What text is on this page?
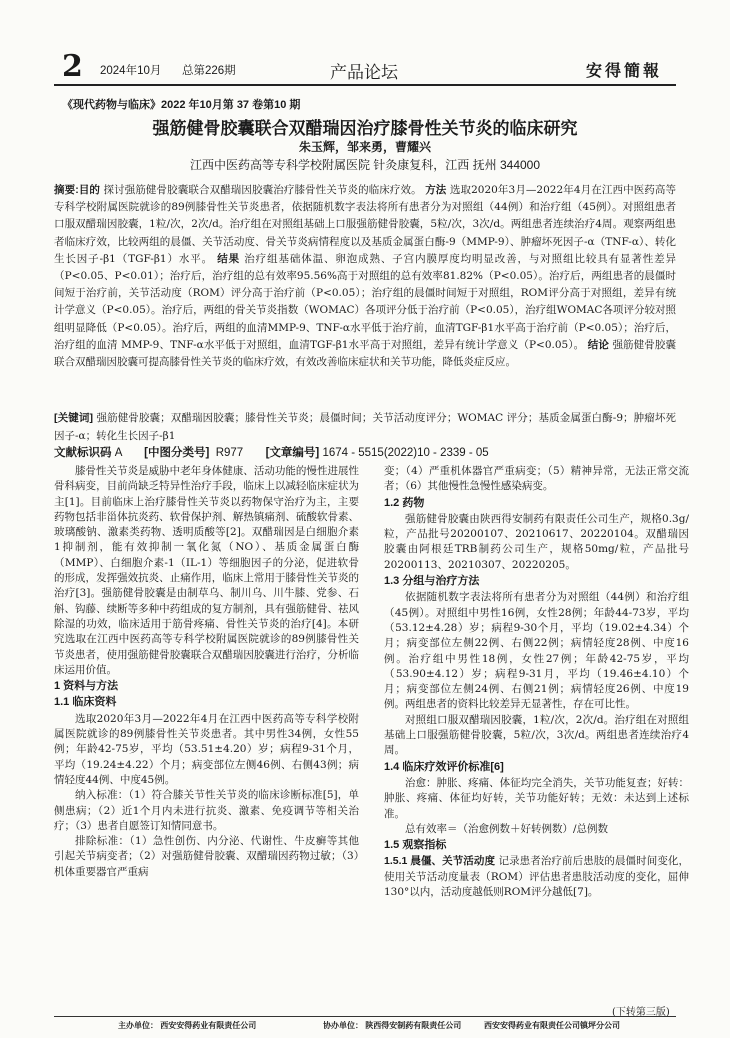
2 2024年10月 总第226期	产品论坛	安得簡報
《现代药物与临床》2022 年10月第 37 卷第10 期
强筋健骨胶囊联合双醋瑞因治疗膝骨性关节炎的临床研究
朱玉辉，邹来勇，曹耀兴
江西中医药高等专科学校附属医院 针灸康复科，江西 抚州 344000
摘要:目的 探讨强筋健骨胶囊联合双醋瑞因胶囊治疗膝骨性关节炎的临床疗效。 方法 选取2020年3月—2022年4月在江西中医药高等专科学校附属医院就诊的89例膝骨性关节炎患者，依据随机数字表法将所有患者分为对照组（44例）和治疗组（45例）。对照组患者口服双醋瑞因胶囊，1粒/次，2次/d。治疗组在对照组基础上口服强筋健骨胶囊，5粒/次，3次/d。两组患者连续治疗4周。观察两组患者临床疗效，比较两组的晨僵、关节活动度、骨关节炎病情程度以及基质金属蛋白酶-9（MMP-9）、肿瘤坏死因子-α（TNF-α）、转化生长因子-β1（TGF-β1）水平。 结果 治疗组基础体温、卵泡成熟、子宫内膜厚度均明显改善，与对照组比较具有显著性差异（P<0.05、P<0.01）；治疗后，治疗组的总有效率95.56%高于对照组的总有效率81.82%（P<0.05）。治疗后，两组患者的晨僵时间短于治疗前，关节活动度（ROM）评分高于治疗前（P<0.05）；治疗组的晨僵时间短于对照组，ROM评分高于对照组，差异有统计学意义（P<0.05）。治疗后，两组的骨关节炎指数（WOMAC）各项评分低于治疗前（P<0.05），治疗组WOMAC各项评分较对照组明显降低（P<0.05）。治疗后，两组的血清MMP-9、TNF-α水平低于治疗前，血清TGF-β1水平高于治疗前（P<0.05）；治疗后，治疗组的血清 MMP-9、TNF-α水平低于对照组，血清TGF-β1水平高于对照组，差异有统计学意义（P<0.05）。 结论 强筋健骨胶囊联合双醋瑞因胶囊可提高膝骨性关节炎的临床疗效，有效改善临床症状和关节功能，降低炎症反应。
[关键词] 强筋健骨胶囊；双醋瑞因胶囊；膝骨性关节炎；晨僵时间；关节活动度评分；WOMAC 评分；基质金属蛋白酶-9；肿瘤坏死因子-α；转化生长因子-β1
文献标识码 A [中图分类号] R977 [文章编号] 1674 - 5515(2022)10 - 2339 - 05

膝骨性关节炎是威胁中老年身体健康、活动功能的慢性进展性骨科病变，目前尚缺乏特异性治疗手段，临床上以减轻临床症状为主[1]。目前临床上治疗膝骨性关节炎以药物保守治疗为主，主要药物包括非甾体抗炎药、软骨保护剂、解热镇痛剂、硫酸软骨素、玻璃酸钠、激素类药物、透明质酸等[2]。双醋瑞因是白细胞介素1抑制剂，能有效抑制一氧化氮（NO）、基质金属蛋白酶（MMP）、白细胞介素-1（IL-1）等细胞因子的分泌，促进软骨的形成，发挥强效抗炎、止痛作用，临床上常用于膝骨性关节炎的治疗[3]。强筋健骨胶囊是由制草乌、制川乌、川牛膝、党参、石斛、钩藤、续断等多种中药组成的复方制剂，具有强筋健骨、祛风除湿的功效，临床适用于筋骨疼痛、骨性关节炎的治疗[4]。本研究选取在江西中医药高等专科学校附属医院就诊的89例膝骨性关节炎患者，使用强筋健骨胶囊联合双醋瑞因胶囊进行治疗，分析临床运用价值。

1 资料与方法
1.1 临床资料

选取2020年3月—2022年4月在江西中医药高等专科学校附属医院就诊的89例膝骨性关节炎患者。其中男性34例，女性55例；年龄42-75岁，平均（53.51±4.20）岁；病程9-31个月，平均（19.24±4.22）个月；病变部位左侧46例、右侧43例；病情轻度44例、中度45例。

纳入标准：（1）符合膝关节性关节炎的临床诊断标准[5]，单侧患病；（2）近1个月内未进行抗炎、激素、免疫调节等相关治疗；（3）患者自愿签订知情同意书。

排除标准：（1）急性创伤、内分泌、代谢性、牛皮癣等其他引起关节病变者；（2）对强筋健骨胶囊、双醋瑞因药物过敏；（3）机体重要器官严重病

变；（4）严重机体器官严重病变；（5）精神异常，无法正常交流者；（6）其他慢性急慢性感染病变。

1.2 药物

强筋健骨胶囊由陕西得安制药有限责任公司生产，规格0.3g/粒，产品批号20200107、20210617、20220104。双醋瑞因胶囊由阿根廷TRB制药公司生产，规格50mg/粒，产品批号20200113、20210307、20220205。

1.3 分组与治疗方法

依据随机数字表法将所有患者分为对照组（44例）和治疗组（45例）。对照组中男性16例，女性28例；年龄44-73岁，平均（53.12±4.28）岁；病程9-30个月，平均（19.02±4.34）个月；病变部位左侧22例、右侧22例；病情轻度28例、中度16例。治疗组中男性18例，女性27例；年龄42-75岁，平均（53.90±4.12）岁；病程9-31月，平均（19.46±4.10）个月；病变部位左侧24例、右侧21例；病情轻度26例、中度19例。两组患者的资料比较差异无显著性，存在可比性。

对照组口服双醋瑞因胶囊，1粒/次，2次/d。治疗组在对照组基础上口服强筋健骨胶囊，5粒/次，3次/d。两组患者连续治疗4周。

1.4 临床疗效评价标准[6]

治愈：肿胀、疼痛、体征均完全消失，关节功能复查；好转：肿胀、疼痛、体征均好转，关节功能好转；无效：未达到上述标准。

总有效率＝（治愈例数＋好转例数）/总例数

1.5 观察指标

1.5.1 晨僵、关节活动度 记录患者治疗前后患肢的晨僵时间变化，使用关节活动度量表（ROM）评估患者患肢活动度的变化，屈伸130°以内，活动度越低则ROM评分越低[7]。

(下转第三版)
主办单位： 西安安得药业有限责任公司	协办单位： 陕西得安制药有限责任公司	西安安得药业有限责任公司镇坪分公司
